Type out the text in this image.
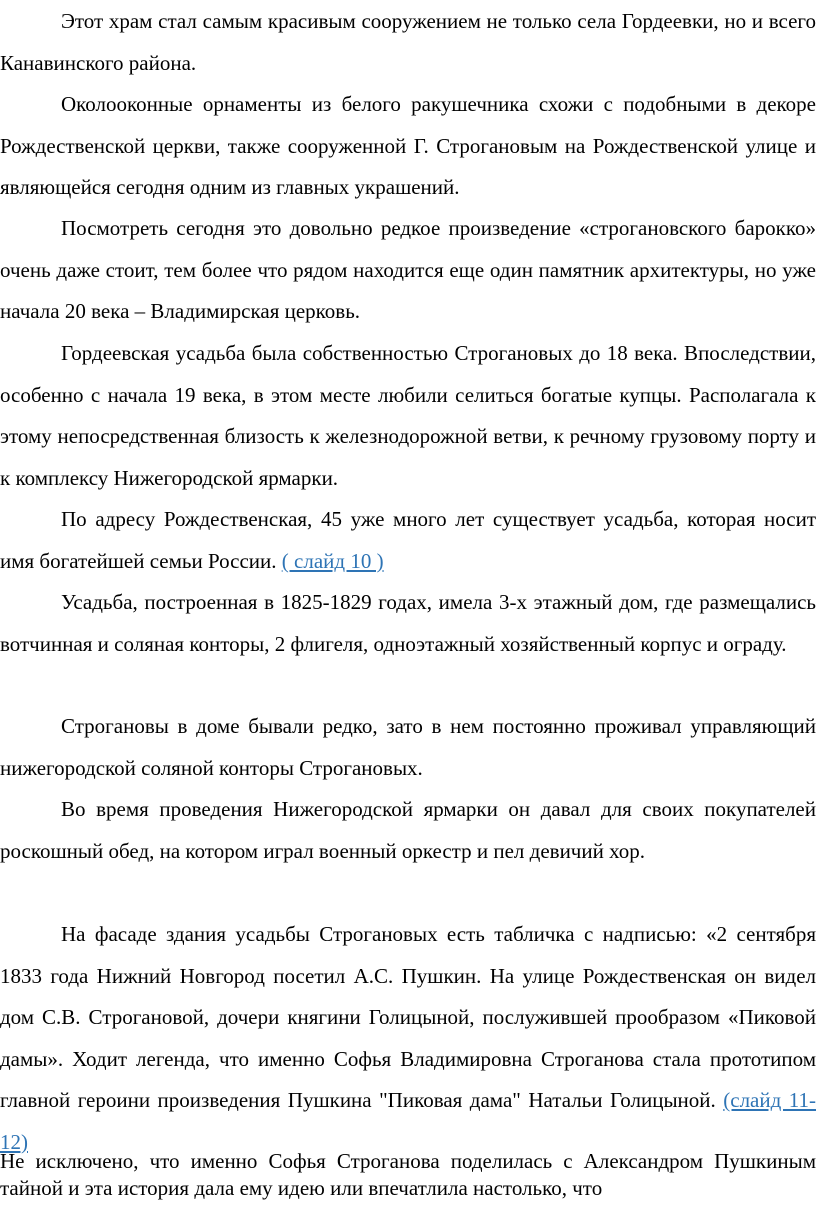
Этот храм стал самым красивым сооружением не только села Гордеевки, но и всего Канавинского района.

Околооконные орнаменты из белого ракушечника схожи с подобными в декоре Рождественской церкви, также сооруженной Г. Строгановым на Рождественской улице и являющейся сегодня одним из главных украшений.

Посмотреть сегодня это довольно редкое произведение «строгановского барокко» очень даже стоит, тем более что рядом находится еще один памятник архитектуры, но уже начала 20 века – Владимирская церковь.

Гордеевская усадьба была собственностью Строгановых до 18 века. Впоследствии, особенно с начала 19 века, в этом месте любили селиться богатые купцы. Располагала к этому непосредственная близость к железнодорожной ветви, к речному грузовому порту и к комплексу Нижегородской ярмарки.

По адресу Рождественская, 45 уже много лет существует усадьба, которая носит имя богатейшей семьи России. ( слайд 10 )

Усадьба, построенная в 1825-1829 годах, имела 3-х этажный дом, где размещались вотчинная и соляная конторы, 2 флигеля, одноэтажный хозяйственный корпус и ограду.

Строгановы в доме бывали редко, зато в нем постоянно проживал управляющий нижегородской соляной конторы Строгановых.

Во время проведения Нижегородской ярмарки он давал для своих покупателей роскошный обед, на котором играл военный оркестр и пел девичий хор.

На фасаде здания усадьбы Строгановых есть табличка с надписью: «2 сентября 1833 года Нижний Новгород посетил А.С. Пушкин. На улице Рождественская он видел дом С.В. Строгановой, дочери княгини Голицыной, послужившей прообразом «Пиковой дамы». Ходит легенда, что именно Софья Владимировна Строганова стала прототипом главной героини произведения Пушкина "Пиковая дама" Натальи Голицыной. (слайд 11-12)

Не исключено, что именно Софья Строганова поделилась с Александром Пушкиным тайной и эта история дала ему идею или впечатлила настолько, что
